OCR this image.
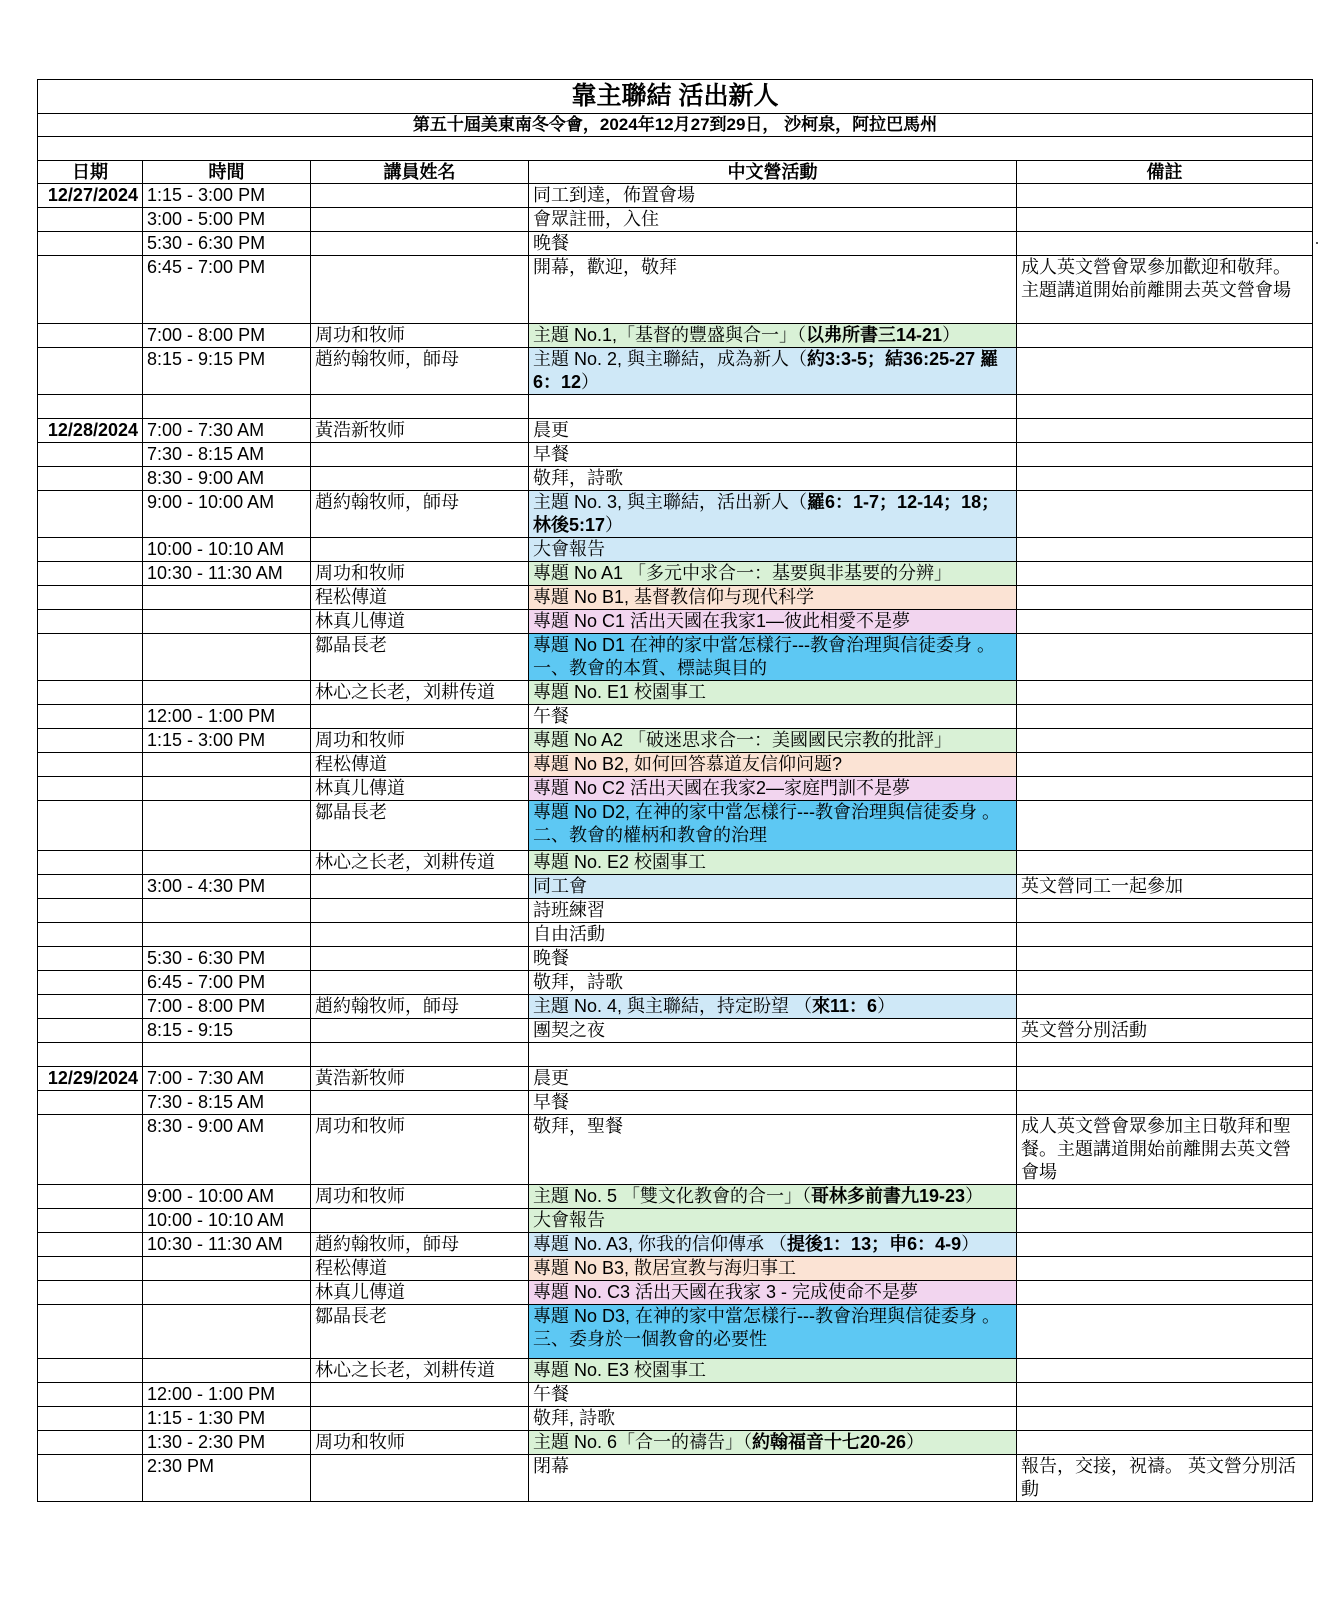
靠主聯結 活出新人				
第五十屆美東南冬令會，2024年12月27到29日， 沙柯泉，阿拉巴馬州				

日期	時間	講員姓名	中文營活動	備註
12/27/2024	1:15 - 3:00 PM		同工到達，佈置會場	
	3:00 - 5:00 PM		會眾註冊，入住	
	5:30 - 6:30 PM		晚餐	
	6:45 - 7:00 PM		開幕，歡迎，敬拜	成人英文營會眾參加歡迎和敬拜。主題講道開始前離開去英文營會場
	7:00 - 8:00 PM	周功和牧师	主題 No.1,「基督的豐盛與合一」（以弗所書三14-21）	
	8:15 - 9:15 PM	趙約翰牧师，師母	主題 No. 2, 與主聯結，成為新人（約3:3-5；結36:25-27 羅6：12）	

12/28/2024	7:00 - 7:30 AM	黃浩新牧师	晨更	
	7:30 - 8:15 AM		早餐	
	8:30 - 9:00 AM		敬拜，詩歌	
	9:00 - 10:00 AM	趙約翰牧师，師母	主題 No. 3, 與主聯結，活出新人（羅6：1-7；12-14；18；林後5:17）	
	10:00 - 10:10 AM		大會報告	
	10:30 - 11:30 AM	周功和牧师	專題 No A1 「多元中求合一：基要與非基要的分辨」	
		程松傳道	專題 No B1, 基督教信仰与现代科学	
		林真儿傳道	專題 No C1 活出天國在我家1—彼此相愛不是夢	
		鄒晶長老	專題 No D1 在神的家中當怎樣行---教會治理與信徒委身 。一、教會的本質、標誌與目的	
		林心之长老，刘耕传道	專題 No. E1 校園事工	
	12:00 - 1:00 PM		午餐	
	1:15 - 3:00 PM	周功和牧师	專題 No A2 「破迷思求合一：美國國民宗教的批評」	
		程松傳道	專題 No B2, 如何回答慕道友信仰问题?	
		林真儿傳道	專題 No C2 活出天國在我家2—家庭門訓不是夢	
		鄒晶長老	專題 No D2, 在神的家中當怎樣行---教會治理與信徒委身 。二、教會的權柄和教會的治理	
		林心之长老，刘耕传道	專題 No. E2 校園事工	
	3:00 - 4:30 PM		同工會	英文營同工一起參加
			詩班練習	
			自由活動	
	5:30 - 6:30 PM		晚餐	
	6:45 - 7:00 PM		敬拜，詩歌	
	7:00 - 8:00 PM	趙約翰牧师，師母	主題 No. 4, 與主聯結，持定盼望 （來11：6）	
	8:15 - 9:15		團契之夜	英文營分別活動

12/29/2024	7:00 - 7:30 AM	黃浩新牧师	晨更	
	7:30 - 8:15 AM		早餐	
	8:30 - 9:00 AM	周功和牧师	敬拜，聖餐	成人英文營會眾參加主日敬拜和聖餐。主題講道開始前離開去英文營會場
	9:00 - 10:00 AM	周功和牧师	主題 No. 5 「雙文化教會的合一」（哥林多前書九19-23）	
	10:00 - 10:10 AM		大會報告	
	10:30 - 11:30 AM	趙約翰牧师，師母	專題 No. A3, 你我的信仰傳承 （提後1：13；申6：4-9）	
		程松傳道	專題 No B3, 散居宣教与海归事工	
		林真儿傳道	專題 No. C3 活出天國在我家 3 - 完成使命不是夢	
		鄒晶長老	專題 No D3, 在神的家中當怎樣行---教會治理與信徒委身 。三、委身於一個教會的必要性	
		林心之长老，刘耕传道	專題 No. E3 校園事工	
	12:00 - 1:00 PM		午餐	
	1:15 - 1:30 PM		敬拜, 詩歌	
	1:30 - 2:30 PM	周功和牧师	主題 No. 6「合一的禱告」（約翰福音十七20-26）	
	2:30 PM		閉幕	報告，交接，祝禱。 英文營分別活動
